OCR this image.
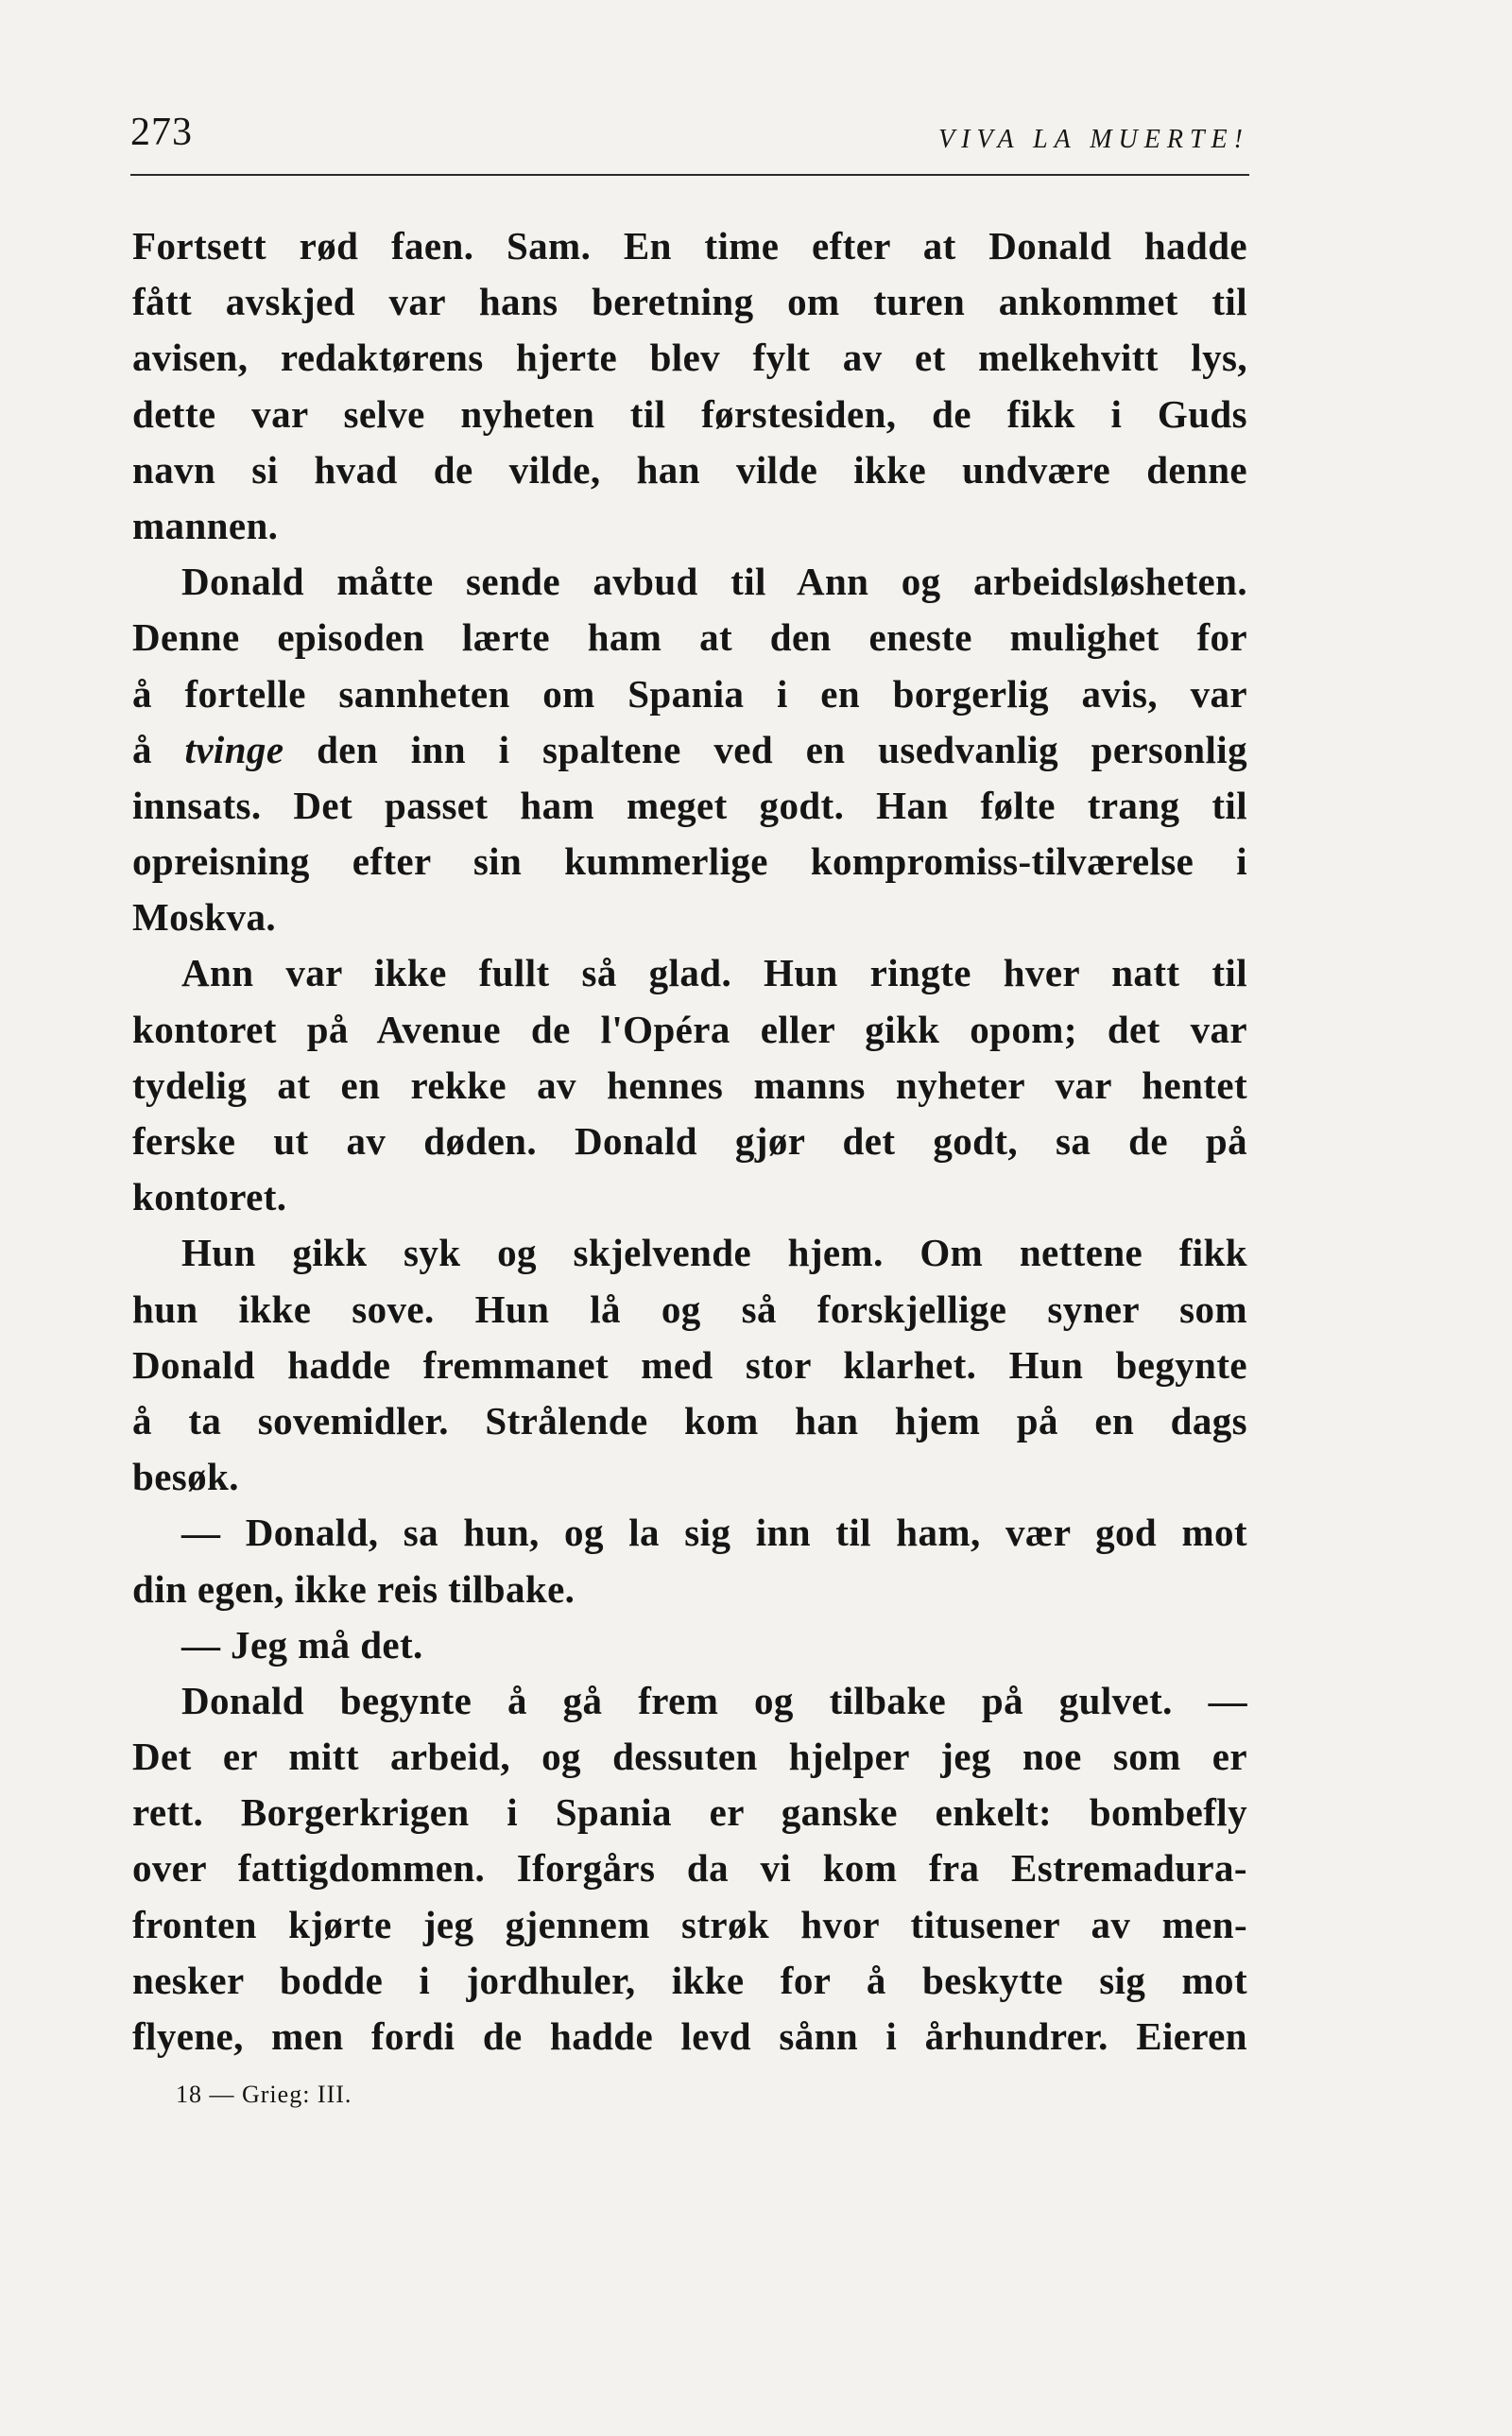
273	VIVA LA MUERTE!
Fortsett rød faen. Sam. En time efter at Donald hadde
fått avskjed var hans beretning om turen ankommet til
avisen, redaktørens hjerte blev fylt av et melkehvitt lys,
dette var selve nyheten til førstesiden, de fikk i Guds
navn si hvad de vilde, han vilde ikke undvære denne
mannen.
Donald måtte sende avbud til Ann og arbeidsløsheten.
Denne episoden lærte ham at den eneste mulighet for
å fortelle sannheten om Spania i en borgerlig avis, var
å tvinge den inn i spaltene ved en usedvanlig personlig
innsats. Det passet ham meget godt. Han følte trang til
opreisning efter sin kummerlige kompromiss-tilværelse i
Moskva.
Ann var ikke fullt så glad. Hun ringte hver natt til
kontoret på Avenue de l'Opéra eller gikk opom; det var
tydelig at en rekke av hennes manns nyheter var hentet
ferske ut av døden. Donald gjør det godt, sa de på
kontoret.
Hun gikk syk og skjelvende hjem. Om nettene fikk
hun ikke sove. Hun lå og så forskjellige syner som
Donald hadde fremmanet med stor klarhet. Hun begynte
å ta sovemidler. Strålende kom han hjem på en dags
besøk.
— Donald, sa hun, og la sig inn til ham, vær god mot
din egen, ikke reis tilbake.
— Jeg må det.
Donald begynte å gå frem og tilbake på gulvet. —
Det er mitt arbeid, og dessuten hjelper jeg noe som er
rett. Borgerkrigen i Spania er ganske enkelt: bombefly
over fattigdommen. Iforgårs da vi kom fra Estremadura-
fronten kjørte jeg gjennem strøk hvor titusener av men-
nesker bodde i jordhuler, ikke for å beskytte sig mot
flyene, men fordi de hadde levd sånn i århundrer. Eieren
18 — Grieg: III.
